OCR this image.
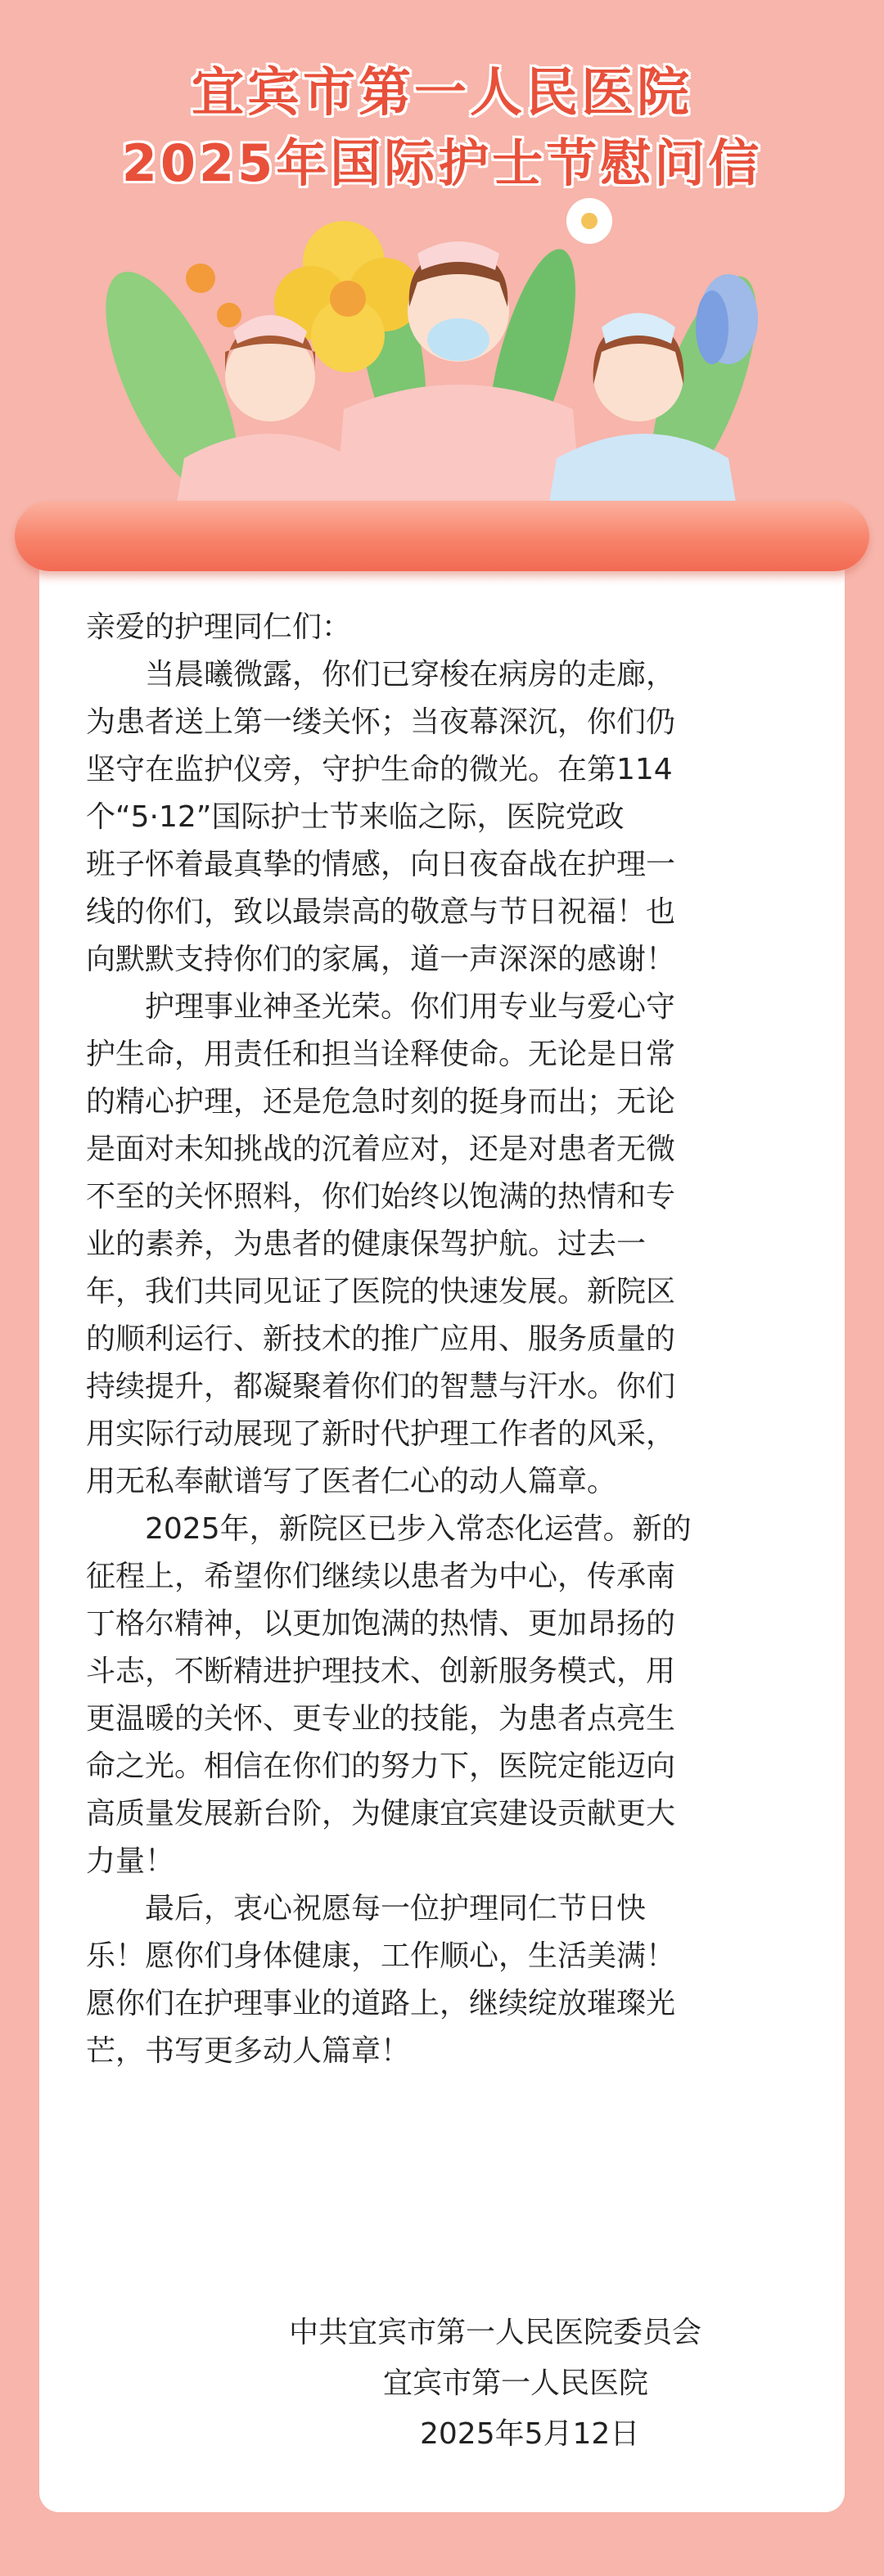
宜宾市第一人民医院
2025年国际护士节慰问信
亲爱的护理同仁们：
　　当晨曦微露，你们已穿梭在病房的走廊，
为患者送上第一缕关怀；当夜幕深沉，你们仍
坚守在监护仪旁，守护生命的微光。在第114
个“5·12”国际护士节来临之际，医院党政
班子怀着最真挚的情感，向日夜奋战在护理一
线的你们，致以最崇高的敬意与节日祝福！也
向默默支持你们的家属，道一声深深的感谢！
　　护理事业神圣光荣。你们用专业与爱心守
护生命，用责任和担当诠释使命。无论是日常
的精心护理，还是危急时刻的挺身而出；无论
是面对未知挑战的沉着应对，还是对患者无微
不至的关怀照料，你们始终以饱满的热情和专
业的素养，为患者的健康保驾护航。过去一
年，我们共同见证了医院的快速发展。新院区
的顺利运行、新技术的推广应用、服务质量的
持续提升，都凝聚着你们的智慧与汗水。你们
用实际行动展现了新时代护理工作者的风采，
用无私奉献谱写了医者仁心的动人篇章。
　　2025年，新院区已步入常态化运营。新的
征程上，希望你们继续以患者为中心，传承南
丁格尔精神，以更加饱满的热情、更加昂扬的
斗志，不断精进护理技术、创新服务模式，用
更温暖的关怀、更专业的技能，为患者点亮生
命之光。相信在你们的努力下，医院定能迈向
高质量发展新台阶，为健康宜宾建设贡献更大
力量！
　　最后，衷心祝愿每一位护理同仁节日快
乐！愿你们身体健康，工作顺心，生活美满！
愿你们在护理事业的道路上，继续绽放璀璨光
芒，书写更多动人篇章！
中共宜宾市第一人民医院委员会
宜宾市第一人民医院
2025年5月12日
